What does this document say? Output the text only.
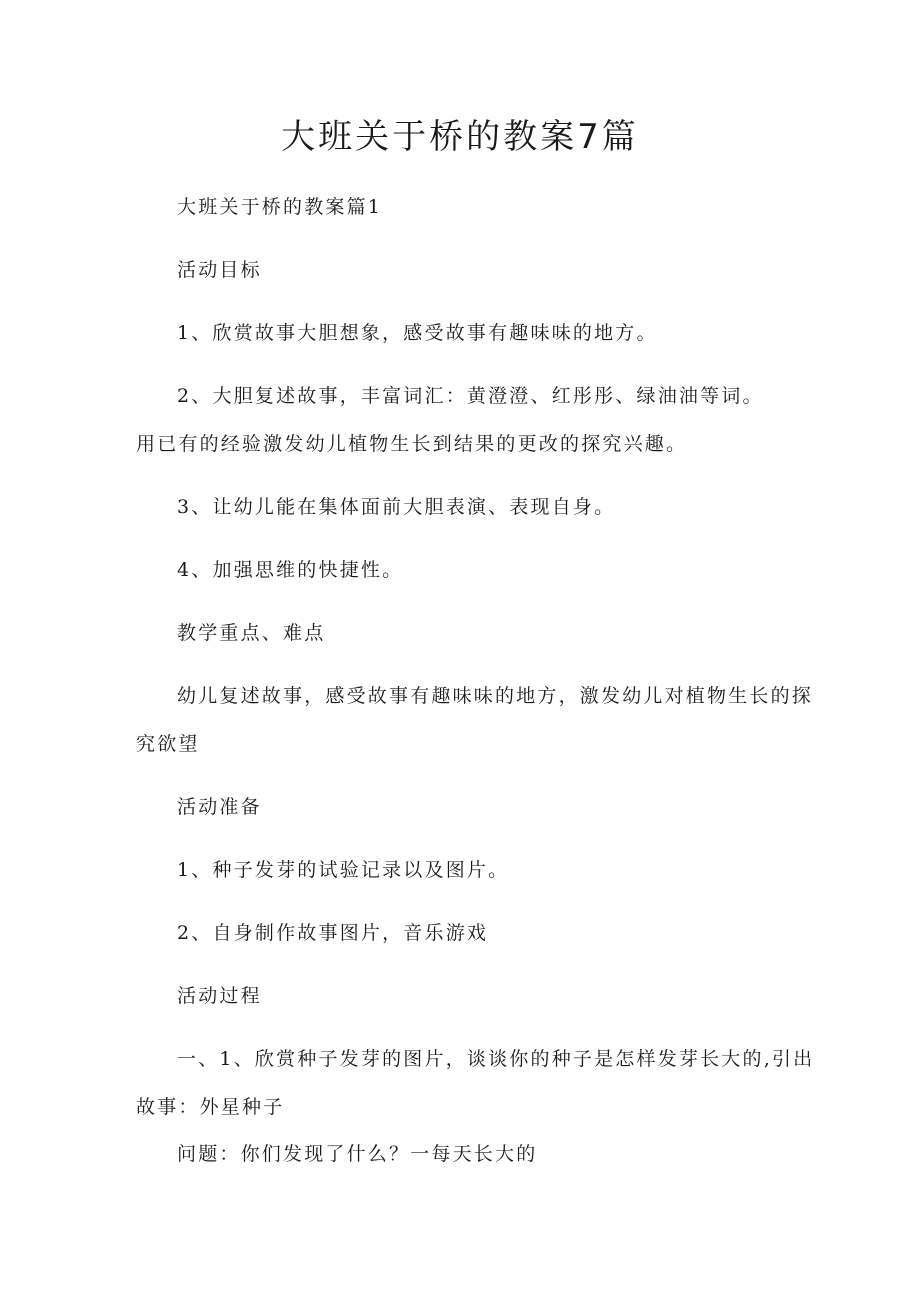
大班关于桥的教案7篇
大班关于桥的教案篇1
活动目标
1、欣赏故事大胆想象，感受故事有趣味味的地方。
2、大胆复述故事，丰富词汇：黄澄澄、红彤彤、绿油油等词。
用已有的经验激发幼儿植物生长到结果的更改的探究兴趣。
3、让幼儿能在集体面前大胆表演、表现自身。
4、加强思维的快捷性。
教学重点、难点
幼儿复述故事，感受故事有趣味味的地方，激发幼儿对植物生长的探
究欲望
活动准备
1、种子发芽的试验记录以及图片。
2、自身制作故事图片，音乐游戏
活动过程
一、1、欣赏种子发芽的图片，谈谈你的种子是怎样发芽长大的,引出
故事：外星种子
问题：你们发现了什么？一每天长大的
